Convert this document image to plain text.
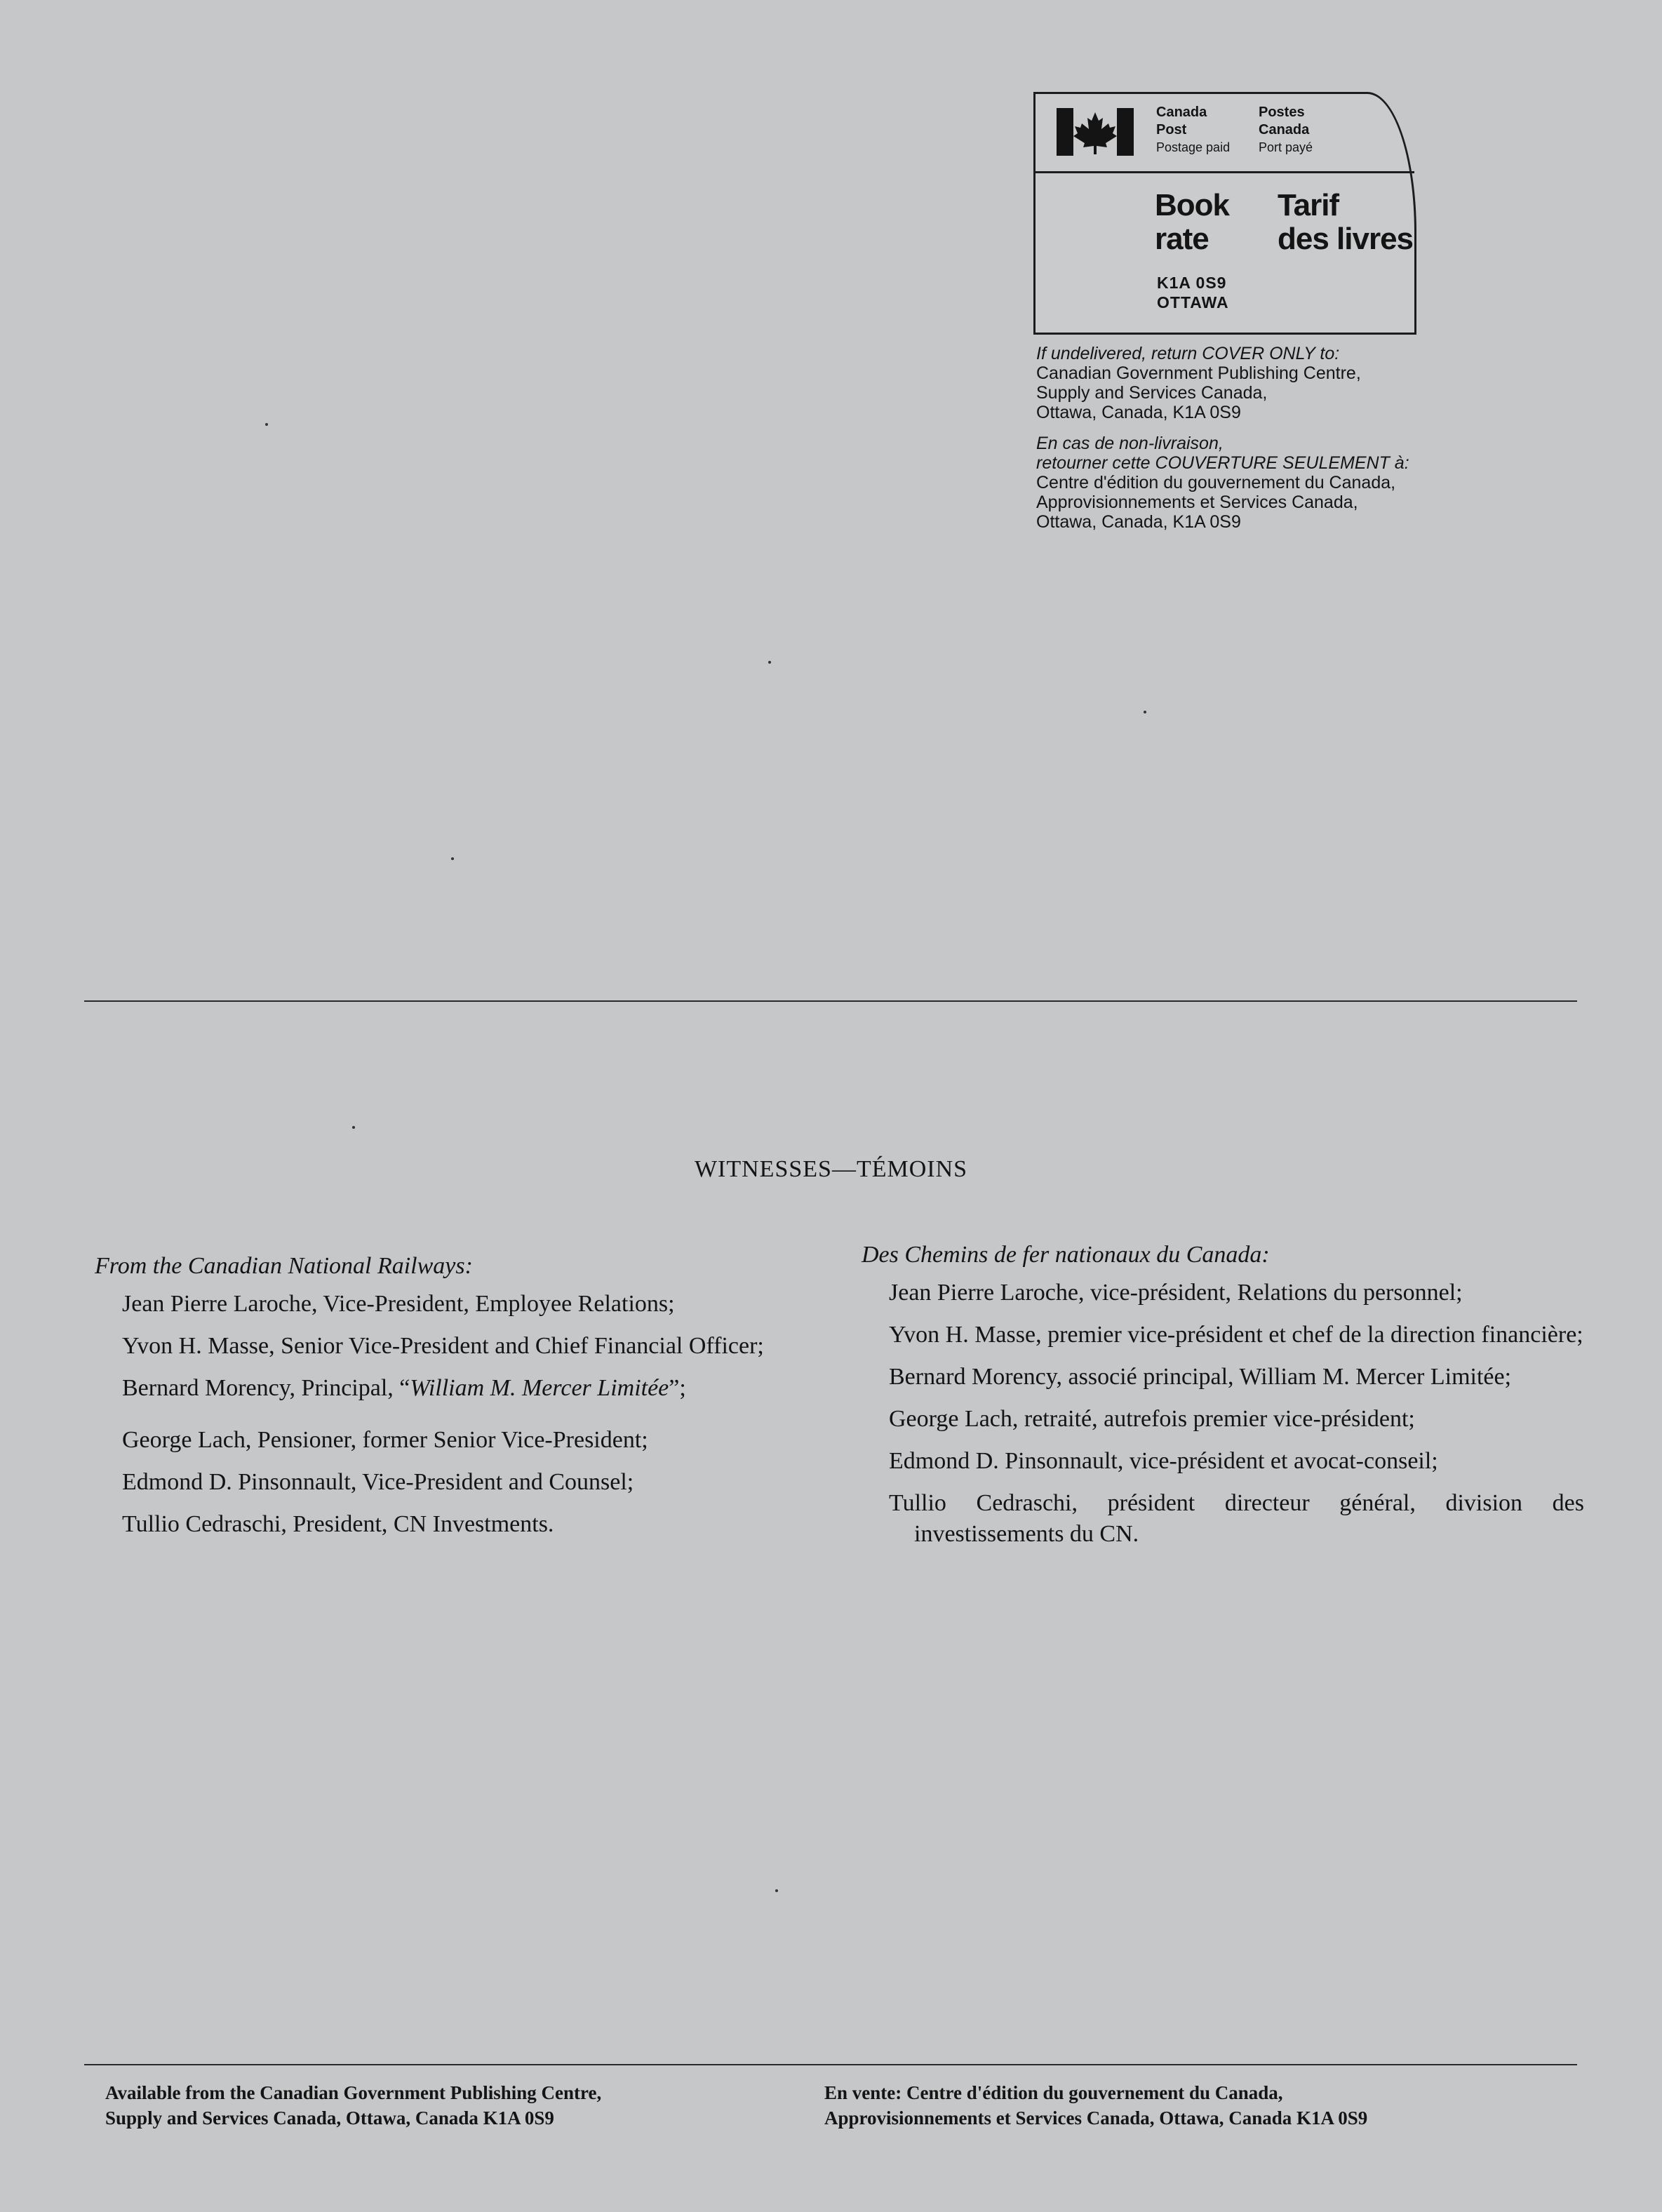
Canada
Post
Postage paid
Postes
Canada
Port payé
Book
rate
Tarif
des livres
K1A 0S9
OTTAWA

If undelivered, return COVER ONLY to:

Canadian Government Publishing Centre,

Supply and Services Canada,

Ottawa, Canada, K1A 0S9

En cas de non-livraison,

retourner cette COUVERTURE SEULEMENT à:

Centre d'édition du gouvernement du Canada,

Approvisionnements et Services Canada,

Ottawa, Canada, K1A 0S9

WITNESSES—TÉMOINS

From the Canadian National Railways:

Jean Pierre Laroche, Vice-President, Employee Relations;
Yvon H. Masse, Senior Vice-President and Chief Financial Officer;
Bernard Morency, Principal, “William M. Mercer Limitée”;
George Lach, Pensioner, former Senior Vice-President;
Edmond D. Pinsonnault, Vice-President and Counsel;
Tullio Cedraschi, President, CN Investments.

Des Chemins de fer nationaux du Canada:

Jean Pierre Laroche, vice-président, Relations du personnel;
Yvon H. Masse, premier vice-président et chef de la direction financière;
Bernard Morency, associé principal, William M. Mercer Limitée;
George Lach, retraité, autrefois premier vice-président;
Edmond D. Pinsonnault, vice-président et avocat-conseil;
Tullio Cedraschi, président directeur général, division des investissements du CN.
Available from the Canadian Government Publishing Centre,
Supply and Services Canada, Ottawa, Canada K1A 0S9
En vente: Centre d'édition du gouvernement du Canada,
Approvisionnements et Services Canada, Ottawa, Canada K1A 0S9
